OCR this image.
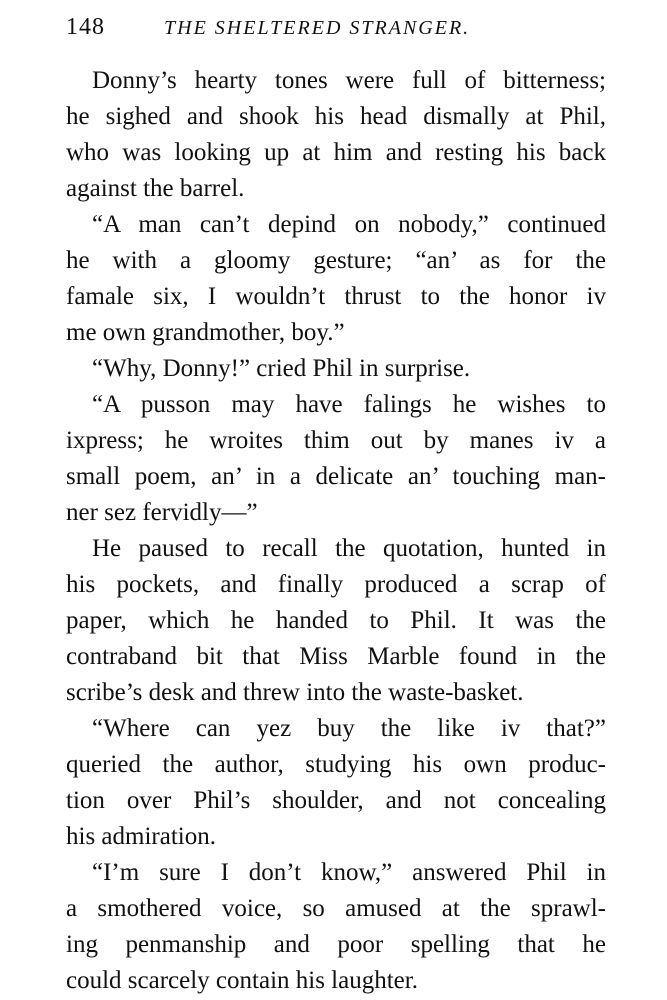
148	THE SHELTERED STRANGER.
Donny’s hearty tones were full of bitterness;
he sighed and shook his head dismally at Phil,
who was looking up at him and resting his back
against the barrel.
“A man can’t depind on nobody,” continued
he with a gloomy gesture; “an’ as for the
famale six, I wouldn’t thrust to the honor iv
me own grandmother, boy.”
“Why, Donny!” cried Phil in surprise.
“A pusson may have falings he wishes to
ixpress; he wroites thim out by manes iv a
small poem, an’ in a delicate an’ touching man-
ner sez fervidly—”
He paused to recall the quotation, hunted in
his pockets, and finally produced a scrap of
paper, which he handed to Phil. It was the
contraband bit that Miss Marble found in the
scribe’s desk and threw into the waste-basket.
“Where can yez buy the like iv that?”
queried the author, studying his own produc-
tion over Phil’s shoulder, and not concealing
his admiration.
“I’m sure I don’t know,” answered Phil in
a smothered voice, so amused at the sprawl-
ing penmanship and poor spelling that he
could scarcely contain his laughter.
